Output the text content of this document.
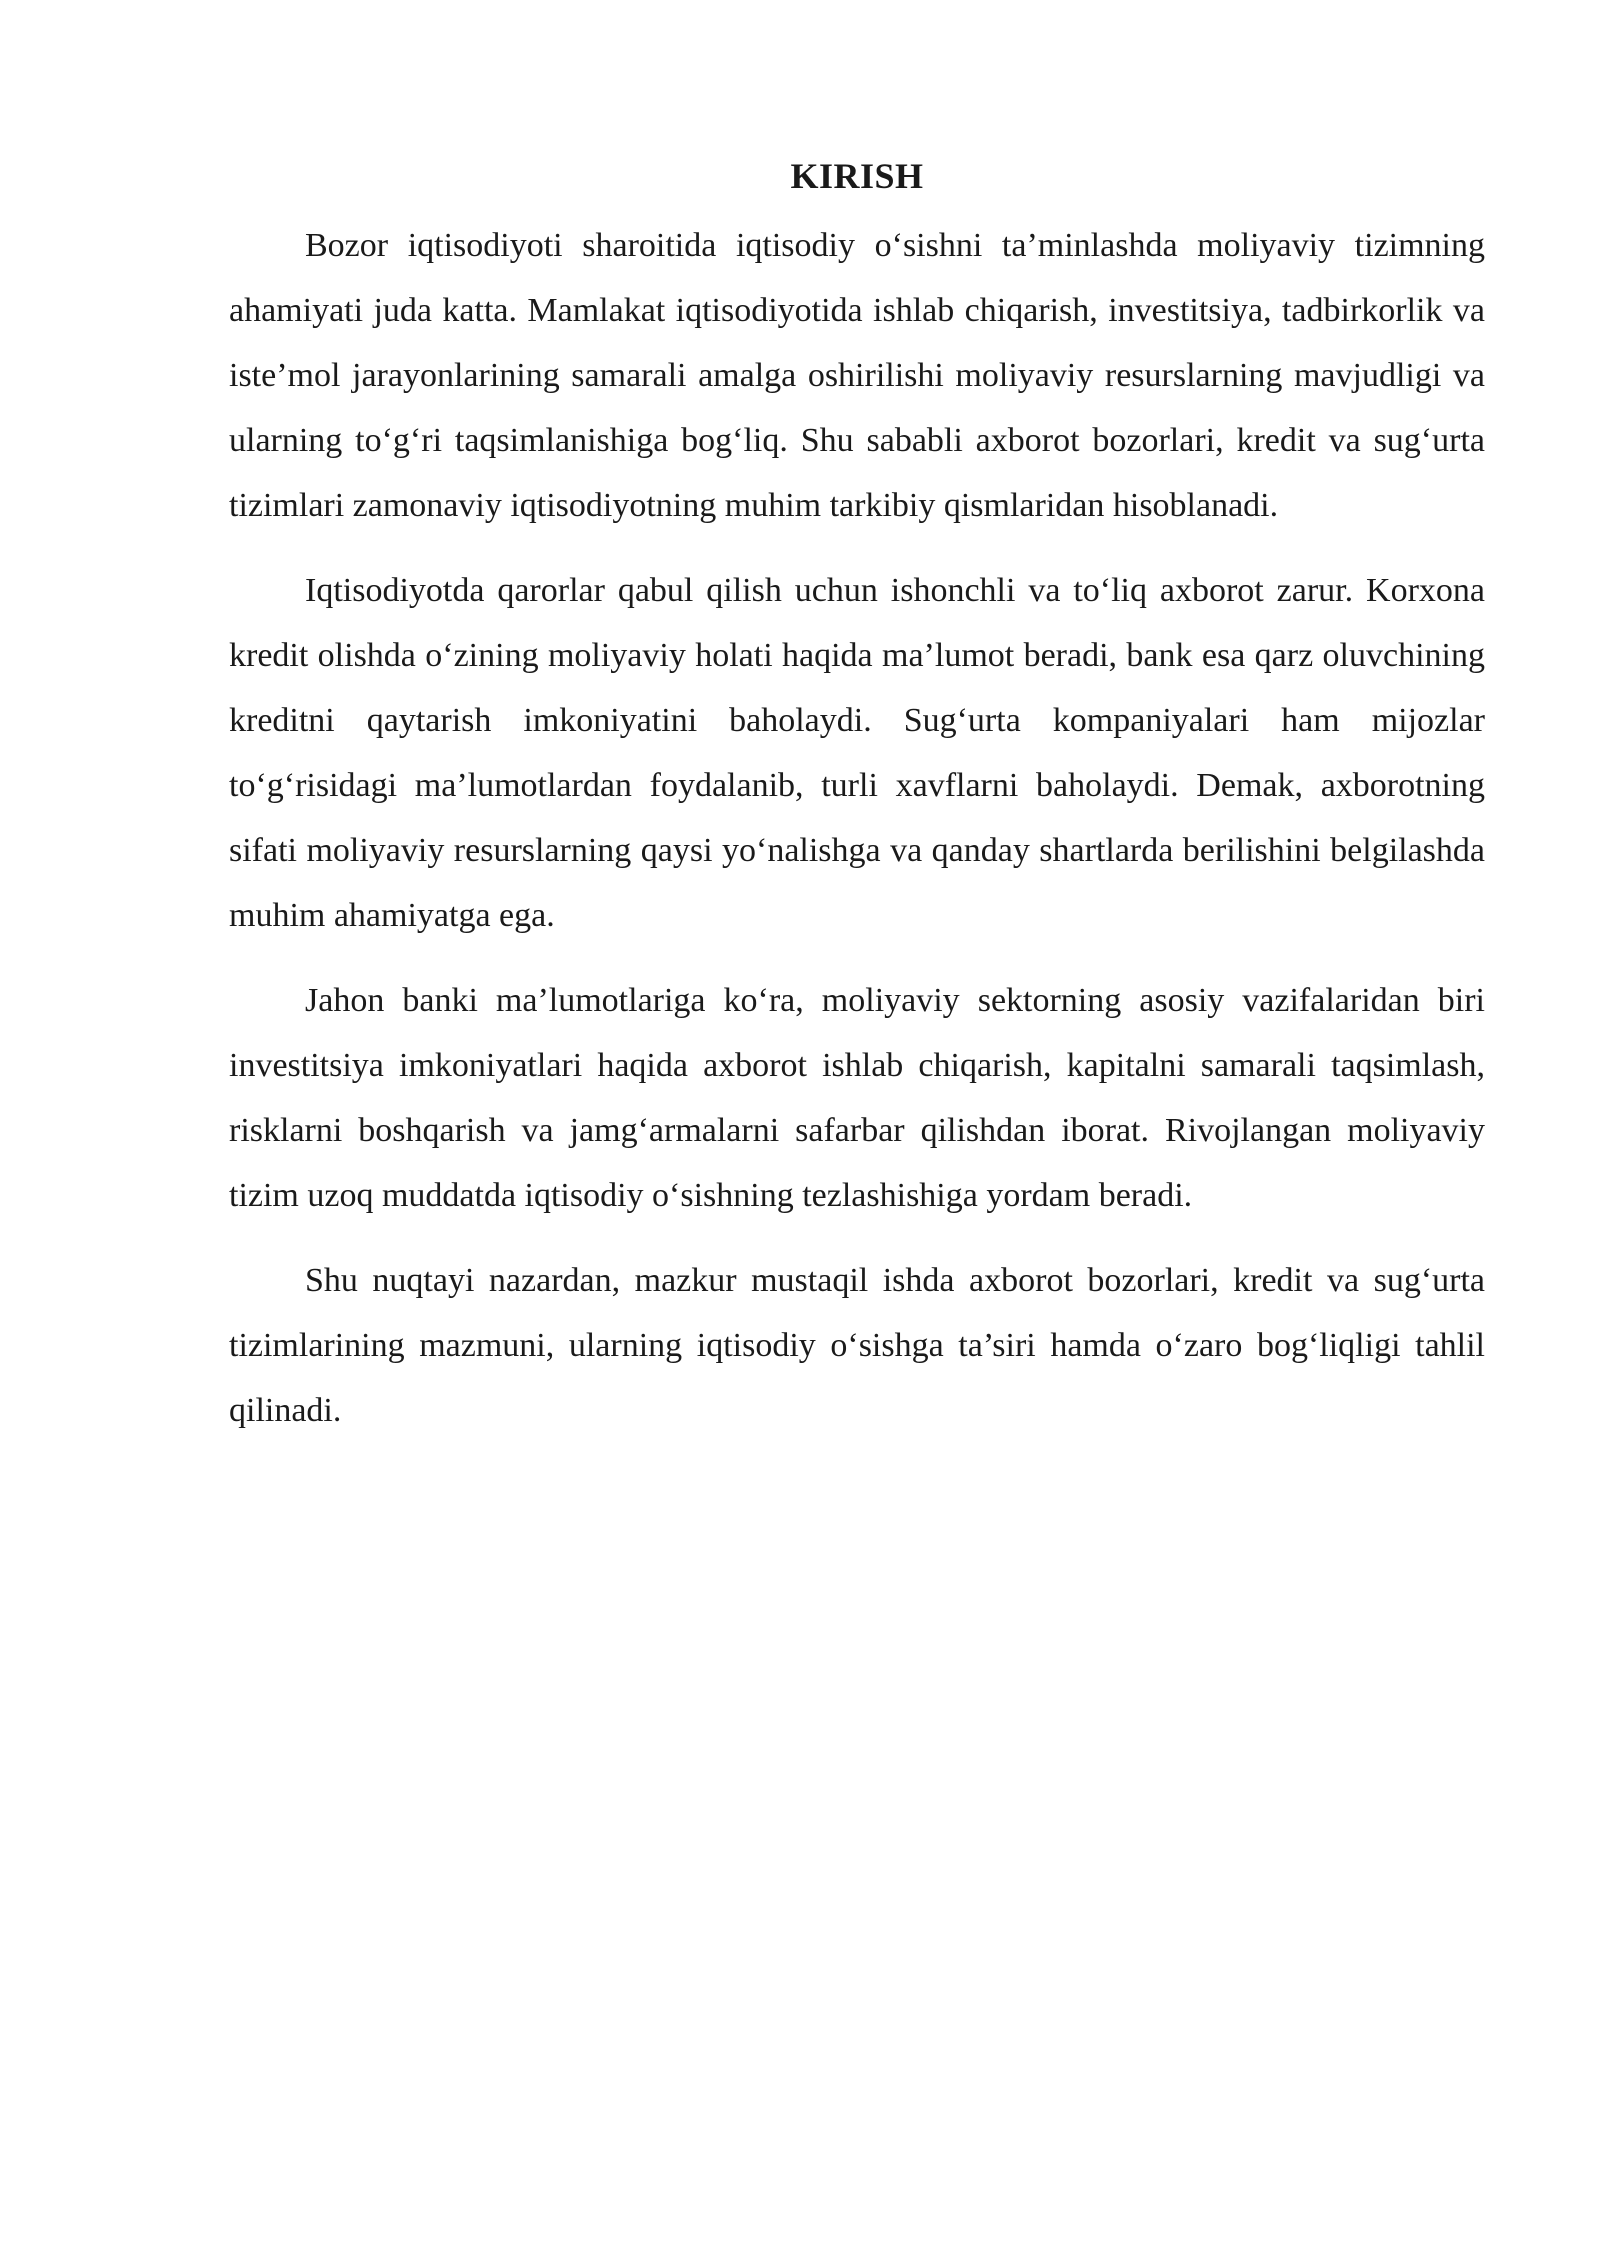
KIRISH

Bozor iqtisodiyoti sharoitida iqtisodiy o‘sishni ta’minlashda moliyaviy tizimning ahamiyati juda katta. Mamlakat iqtisodiyotida ishlab chiqarish, investitsiya, tadbirkorlik va iste’mol jarayonlarining samarali amalga oshirilishi moliyaviy resurslarning mavjudligi va ularning to‘g‘ri taqsimlanishiga bog‘liq. Shu sababli axborot bozorlari, kredit va sug‘urta tizimlari zamonaviy iqtisodiyotning muhim tarkibiy qismlaridan hisoblanadi.

Iqtisodiyotda qarorlar qabul qilish uchun ishonchli va to‘liq axborot zarur. Korxona kredit olishda o‘zining moliyaviy holati haqida ma’lumot beradi, bank esa qarz oluvchining kreditni qaytarish imkoniyatini baholaydi. Sug‘urta kompaniyalari ham mijozlar to‘g‘risidagi ma’lumotlardan foydalanib, turli xavflarni baholaydi. Demak, axborotning sifati moliyaviy resurslarning qaysi yo‘nalishga va qanday shartlarda berilishini belgilashda muhim ahamiyatga ega.

Jahon banki ma’lumotlariga ko‘ra, moliyaviy sektorning asosiy vazifalaridan biri investitsiya imkoniyatlari haqida axborot ishlab chiqarish, kapitalni samarali taqsimlash, risklarni boshqarish va jamg‘armalarni safarbar qilishdan iborat. Rivojlangan moliyaviy tizim uzoq muddatda iqtisodiy o‘sishning tezlashishiga yordam beradi.

Shu nuqtayi nazardan, mazkur mustaqil ishda axborot bozorlari, kredit va sug‘urta tizimlarining mazmuni, ularning iqtisodiy o‘sishga ta’siri hamda o‘zaro bog‘liqligi tahlil qilinadi.
